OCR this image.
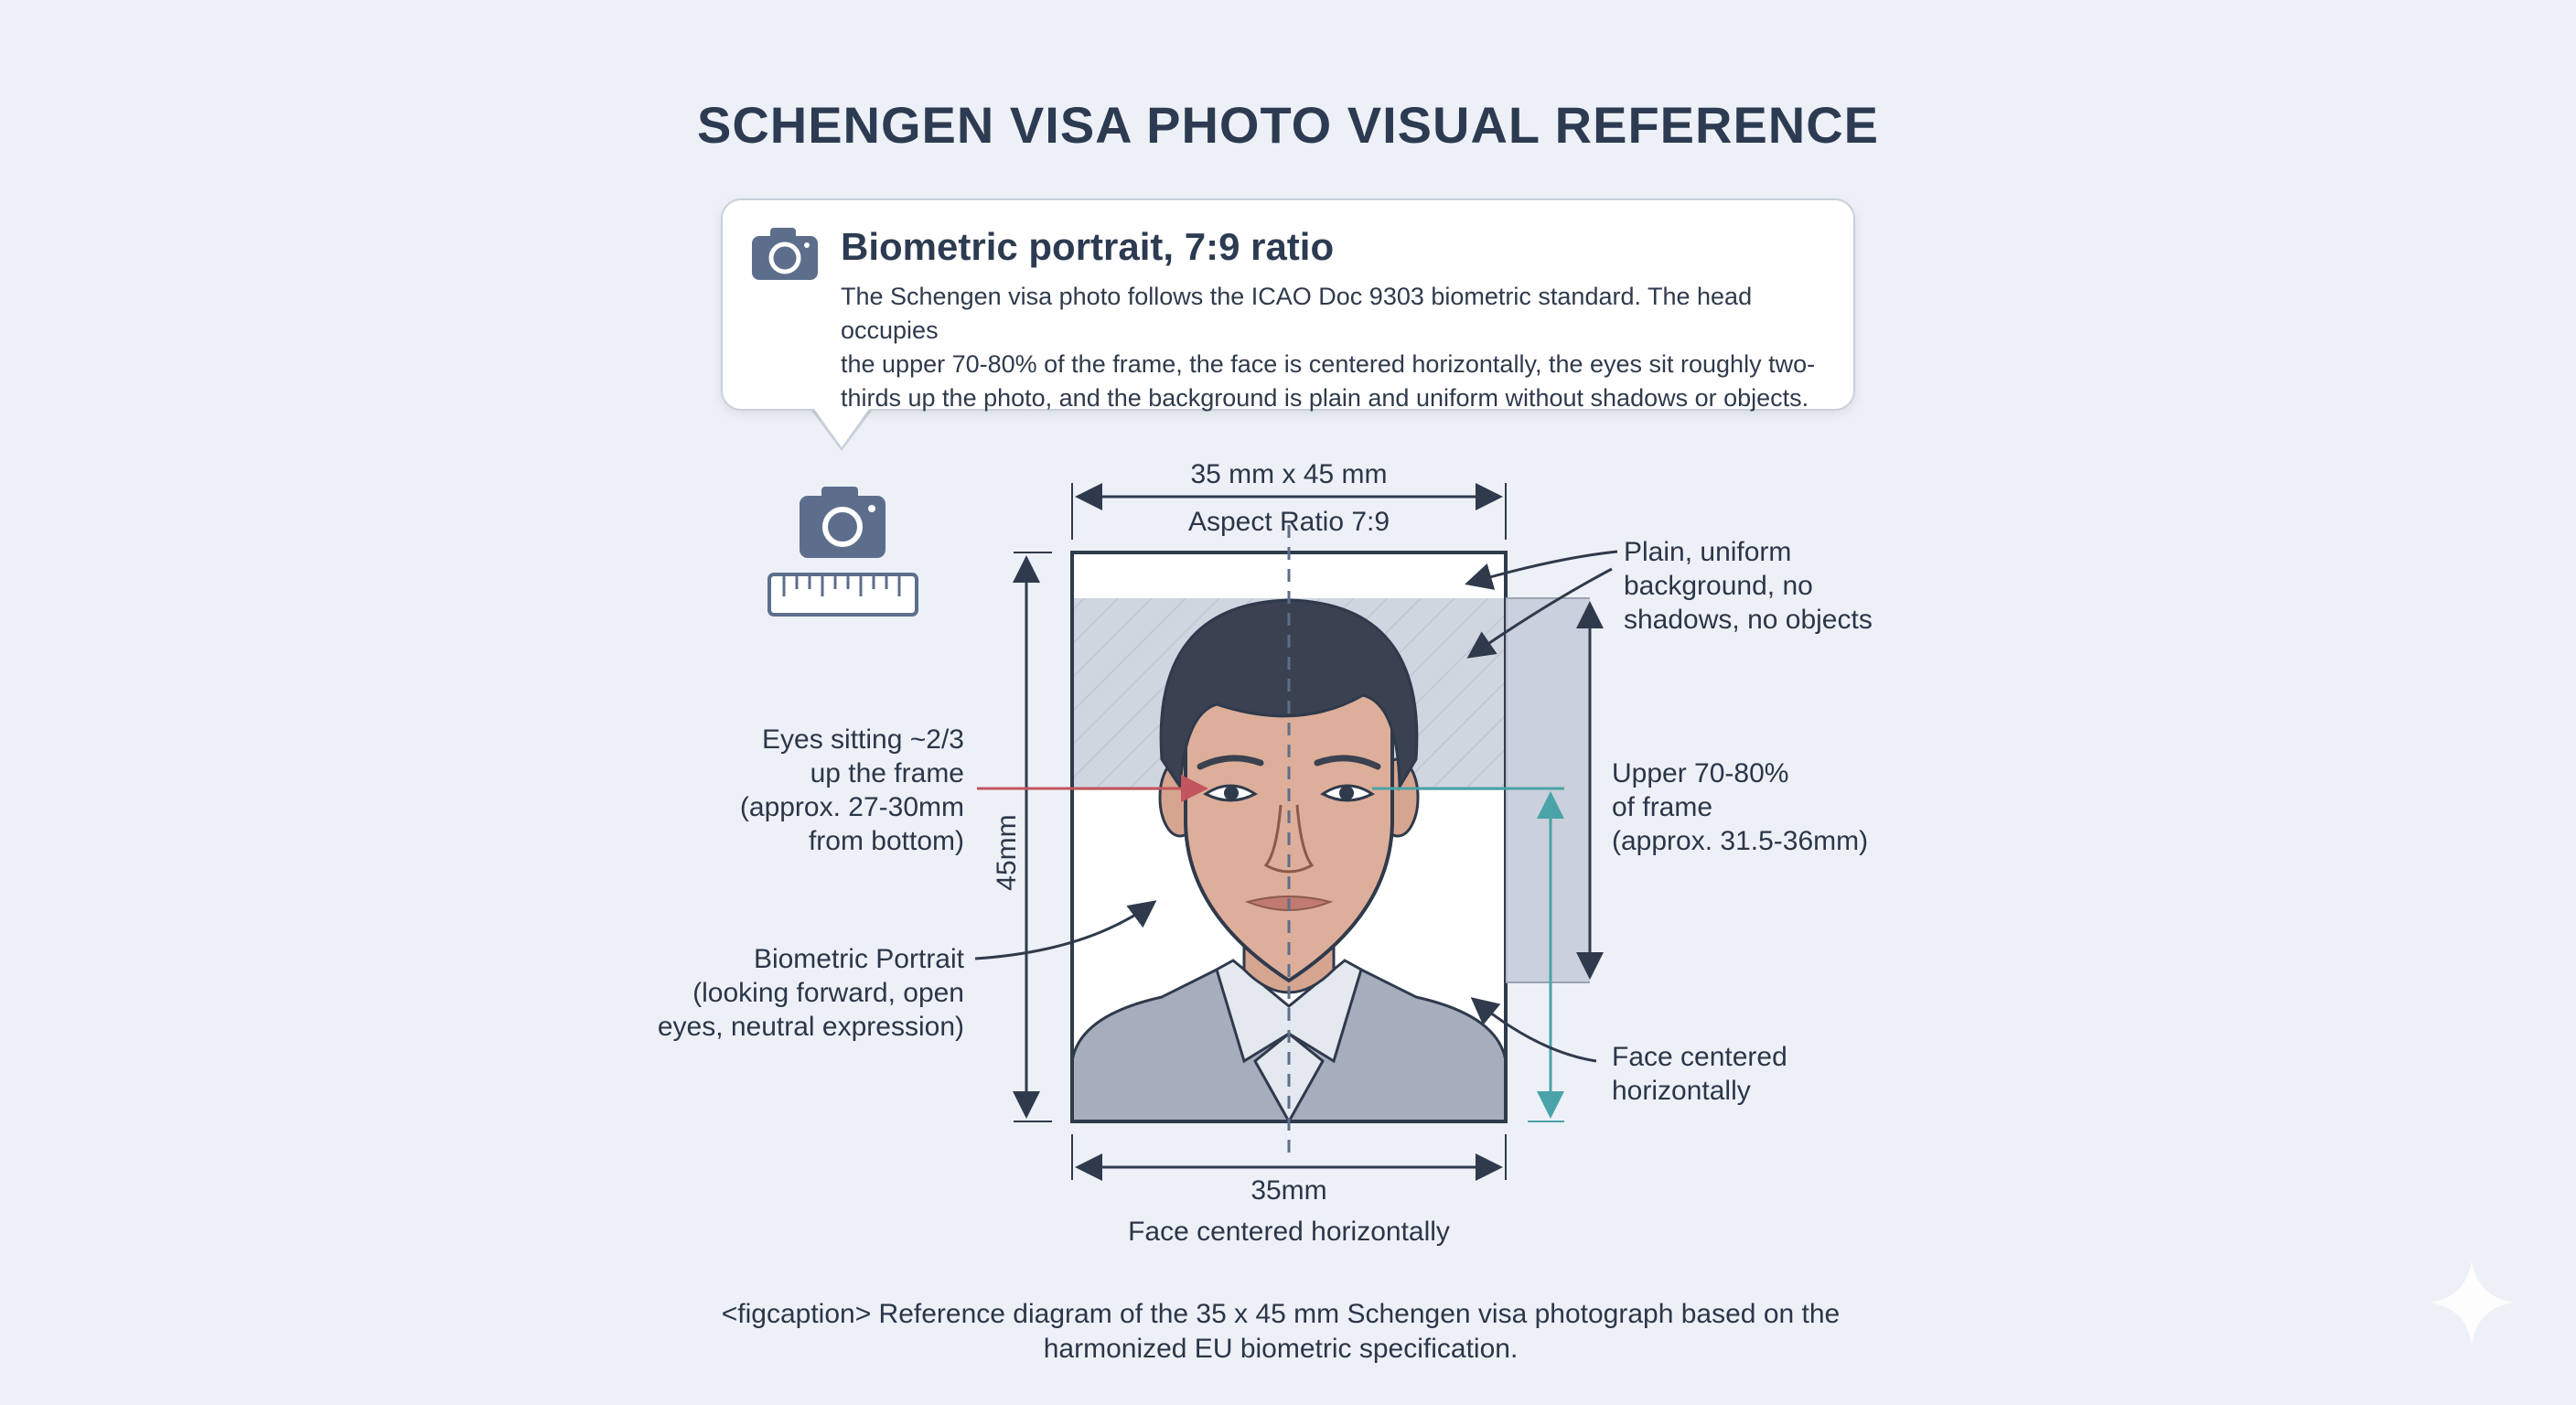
SCHENGEN VISA PHOTO VISUAL REFERENCE
Biometric portrait, 7:9 ratio
The Schengen visa photo follows the ICAO Doc 9303 biometric standard. The head occupies
the upper 70-80% of the frame, the face is centered horizontally, the eyes sit roughly two-
thirds up the photo, and the background is plain and uniform without shadows or objects.
45mm
35 mm x 45 mm
Aspect Ratio 7:9
35mm
Face centered horizontally
Plain, uniform
background, no
shadows, no objects
Eyes sitting ~2/3
up the frame
(approx. 27-30mm
from bottom)
Upper 70-80%
of frame
(approx. 31.5-36mm)
Biometric Portrait
(looking forward, open
eyes, neutral expression)
Face centered
horizontally
<figcaption> Reference diagram of the 35 x 45 mm Schengen visa photograph based on the
harmonized EU biometric specification.
